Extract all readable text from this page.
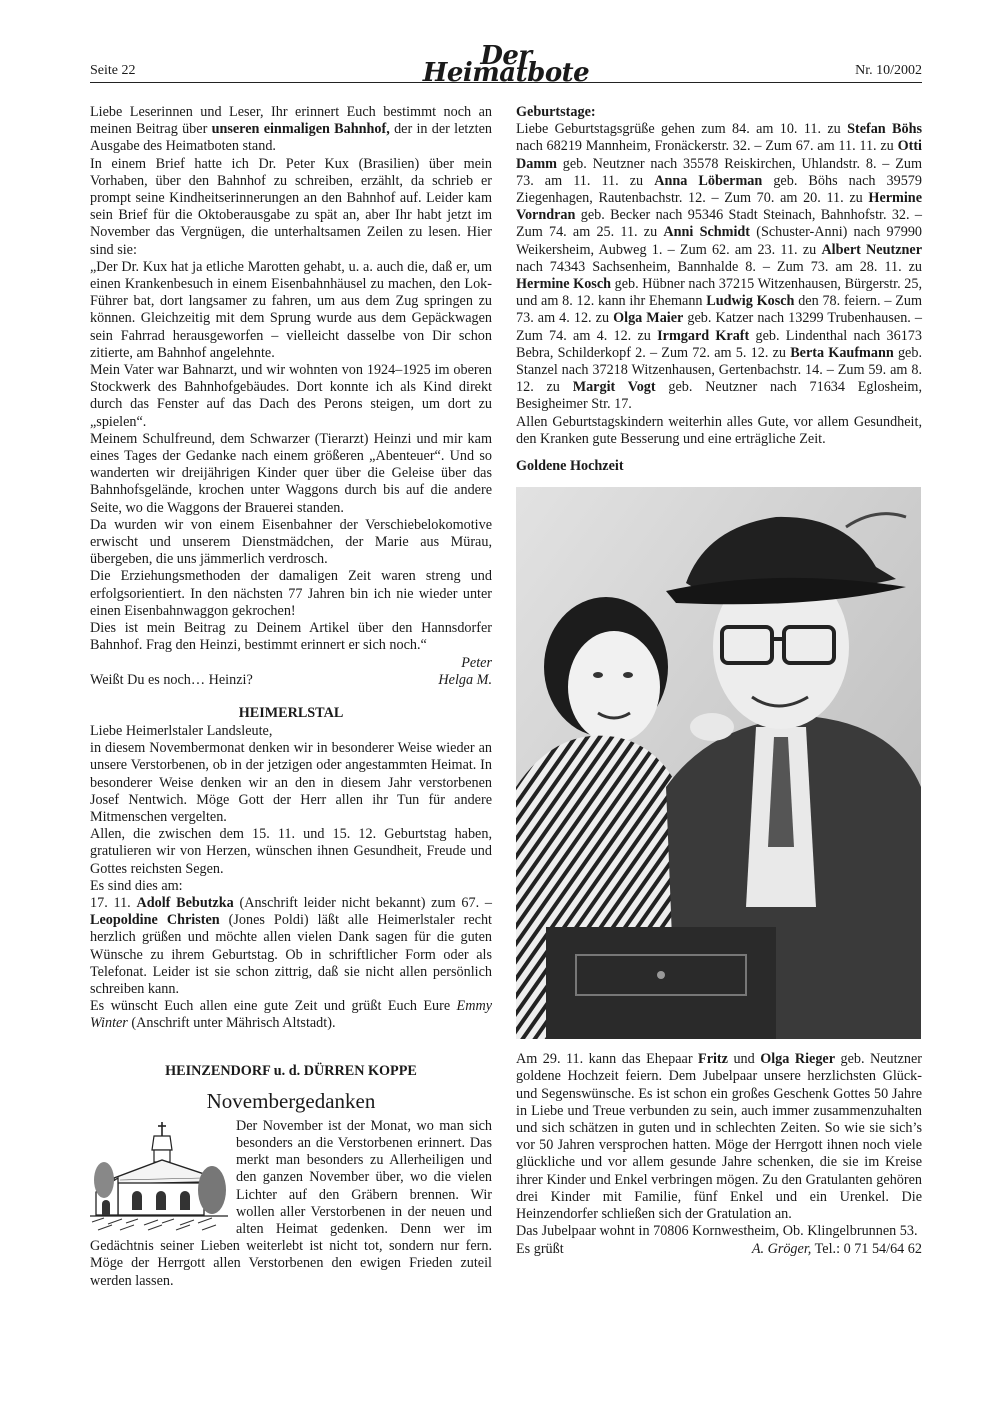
Seite 22	Der Heimatbote	Nr. 10/2002

Liebe Leserinnen und Leser, Ihr erinnert Euch bestimmt noch an meinen Beitrag über unseren einmaligen Bahnhof, der in der letzten Ausgabe des Heimatboten stand.

In einem Brief hatte ich Dr. Peter Kux (Brasilien) über mein Vorhaben, über den Bahnhof zu schreiben, erzählt, da schrieb er prompt seine Kindheitserinnerungen an den Bahnhof auf. Leider kam sein Brief für die Oktoberausgabe zu spät an, aber Ihr habt jetzt im November das Vergnügen, die unterhaltsamen Zeilen zu lesen. Hier sind sie:

„Der Dr. Kux hat ja etliche Marotten gehabt, u. a. auch die, daß er, um einen Krankenbesuch in einem Eisenbahnhäusel zu machen, den Lok-Führer bat, dort langsamer zu fahren, um aus dem Zug springen zu können. Gleichzeitig mit dem Sprung wurde aus dem Gepäckwagen sein Fahrrad herausgeworfen – vielleicht dasselbe von Dir schon zitierte, am Bahnhof angelehnte.

Mein Vater war Bahnarzt, und wir wohnten von 1924–1925 im oberen Stockwerk des Bahnhofgebäudes. Dort konnte ich als Kind direkt durch das Fenster auf das Dach des Perons steigen, um dort zu „spielen“.

Meinem Schulfreund, dem Schwarzer (Tierarzt) Heinzi und mir kam eines Tages der Gedanke nach einem größeren „Abenteuer“. Und so wanderten wir dreijährigen Kinder quer über die Geleise über das Bahnhofsgelände, krochen unter Waggons durch bis auf die andere Seite, wo die Waggons der Brauerei standen.

Da wurden wir von einem Eisenbahner der Verschiebelokomotive erwischt und unserem Dienstmädchen, der Marie aus Mürau, übergeben, die uns jämmerlich verdrosch.

Die Erziehungsmethoden der damaligen Zeit waren streng und erfolgsorientiert. In den nächsten 77 Jahren bin ich nie wieder unter einen Eisenbahnwaggon gekrochen!

Dies ist mein Beitrag zu Deinem Artikel über den Hannsdorfer Bahnhof. Frag den Heinzi, bestimmt erinnert er sich noch.“

Peter

Weißt Du es noch… Heinzi?	Helga M.

HEIMERLSTAL

Liebe Heimerlstaler Landsleute,

in diesem Novembermonat denken wir in besonderer Weise wieder an unsere Verstorbenen, ob in der jetzigen oder angestammten Heimat. In besonderer Weise denken wir an den in diesem Jahr verstorbenen Josef Nentwich. Möge Gott der Herr allen ihr Tun für andere Mitmenschen vergelten.

Allen, die zwischen dem 15. 11. und 15. 12. Geburtstag haben, gratulieren wir von Herzen, wünschen ihnen Gesundheit, Freude und Gottes reichsten Segen.

Es sind dies am:

17. 11. Adolf Bebutzka (Anschrift leider nicht bekannt) zum 67. – Leopoldine Christen (Jones Poldi) läßt alle Heimerlstaler recht herzlich grüßen und möchte allen vielen Dank sagen für die guten Wünsche zu ihrem Geburtstag. Ob in schriftlicher Form oder als Telefonat. Leider ist sie schon zittrig, daß sie nicht allen persönlich schreiben kann.

Es wünscht Euch allen eine gute Zeit und grüßt Euch Eure Emmy Winter (Anschrift unter Mährisch Altstadt).

HEINZENDORF u. d. DÜRREN KOPPE

Novembergedanken

Der November ist der Monat, wo man sich besonders an die Verstorbenen erinnert. Das merkt man besonders zu Allerheiligen und den ganzen November über, wo die vielen Lichter auf den Gräbern brennen. Wir wollen aller Verstorbenen in der neuen und alten Heimat gedenken. Denn wer im Gedächtnis seiner Lieben weiterlebt ist nicht tot, sondern nur fern. Möge der Herrgott allen Verstorbenen den ewigen Frieden zuteil werden lassen.

Geburtstage:

Liebe Geburtstagsgrüße gehen zum 84. am 10. 11. zu Stefan Böhs nach 68219 Mannheim, Fronäckerstr. 32. – Zum 67. am 11. 11. zu Otti Damm geb. Neutzner nach 35578 Reiskirchen, Uhlandstr. 8. – Zum 73. am 11. 11. zu Anna Löberman geb. Böhs nach 39579 Ziegenhagen, Rautenbachstr. 12. – Zum 70. am 20. 11. zu Hermine Vorndran geb. Becker nach 95346 Stadt Steinach, Bahnhofstr. 32. – Zum 74. am 25. 11. zu Anni Schmidt (Schuster-Anni) nach 97990 Weikersheim, Aubweg 1. – Zum 62. am 23. 11. zu Albert Neutzner nach 74343 Sachsenheim, Bannhalde 8. – Zum 73. am 28. 11. zu Hermine Kosch geb. Hübner nach 37215 Witzenhausen, Bürgerstr. 25, und am 8. 12. kann ihr Ehemann Ludwig Kosch den 78. feiern. – Zum 73. am 4. 12. zu Olga Maier geb. Katzer nach 13299 Trubenhausen. – Zum 74. am 4. 12. zu Irmgard Kraft geb. Lindenthal nach 36173 Bebra, Schilderkopf 2. – Zum 72. am 5. 12. zu Berta Kaufmann geb. Stanzel nach 37218 Witzenhausen, Gertenbachstr. 14. – Zum 59. am 8. 12. zu Margit Vogt geb. Neutzner nach 71634 Eglosheim, Besigheimer Str. 17.

Allen Geburtstagskindern weiterhin alles Gute, vor allem Gesundheit, den Kranken gute Besserung und eine erträgliche Zeit.

Goldene Hochzeit

Am 29. 11. kann das Ehepaar Fritz und Olga Rieger geb. Neutzner goldene Hochzeit feiern. Dem Jubelpaar unsere herzlichsten Glück- und Segenswünsche. Es ist schon ein großes Geschenk Gottes 50 Jahre in Liebe und Treue verbunden zu sein, auch immer zusammenzuhalten und sich schätzen in guten und in schlechten Zeiten. So wie sie sich’s vor 50 Jahren versprochen hatten. Möge der Herrgott ihnen noch viele glückliche und vor allem gesunde Jahre schenken, die sie im Kreise ihrer Kinder und Enkel verbringen mögen. Zu den Gratulanten gehören drei Kinder mit Familie, fünf Enkel und ein Urenkel. Die Heinzendorfer schließen sich der Gratulation an.

Das Jubelpaar wohnt in 70806 Kornwestheim, Ob. Klingelbrunnen 53.

Es grüßt	A. Gröger, Tel.: 0 71 54/64 62
